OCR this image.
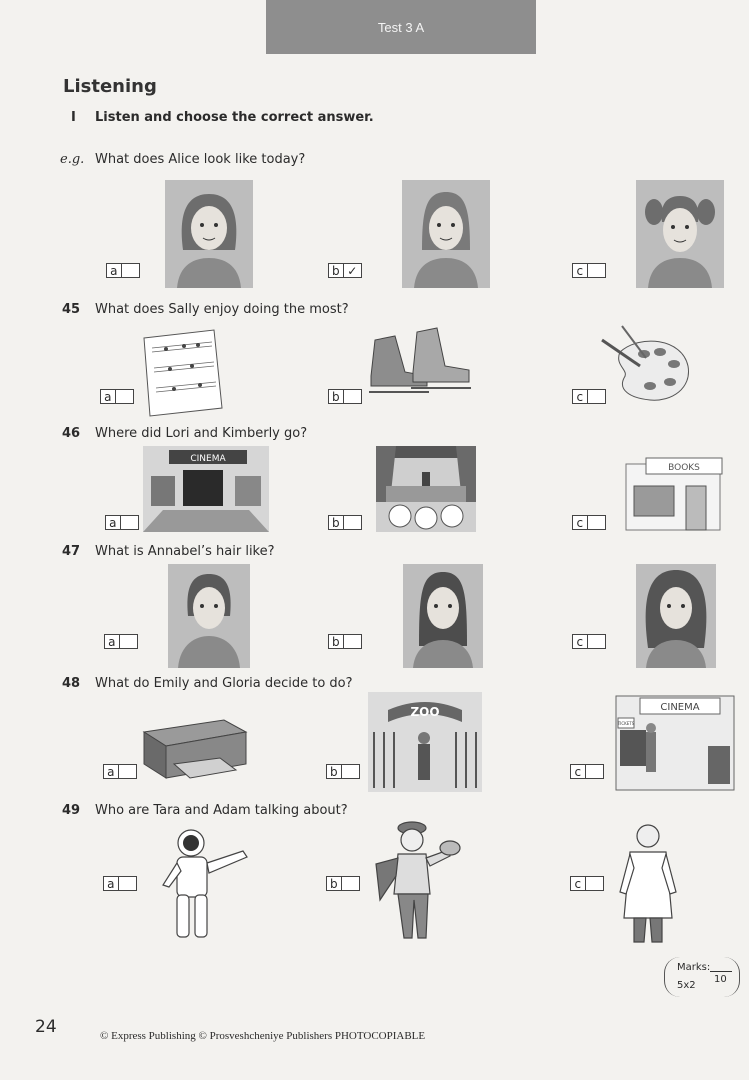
Test 3 A
Listening
I Listen and choose the correct answer.
e.g. What does Alice look like today?
a	b ✓	c
45 What does Sally enjoy doing the most?
a	b	c
46 Where did Lori and Kimberly go?
CINEMA
BOOKS
a	b	c
47 What is Annabel’s hair like?
a	b	c
48 What do Emily and Gloria decide to do?
ZOO	CINEMA
TICKETS
a	b	c
49 Who are Tara and Adam talking about?
a	b	c
Marks:
10
5x2
24	© Express Publishing © Prosveshcheniye Publishers PHOTOCOPIABLE
